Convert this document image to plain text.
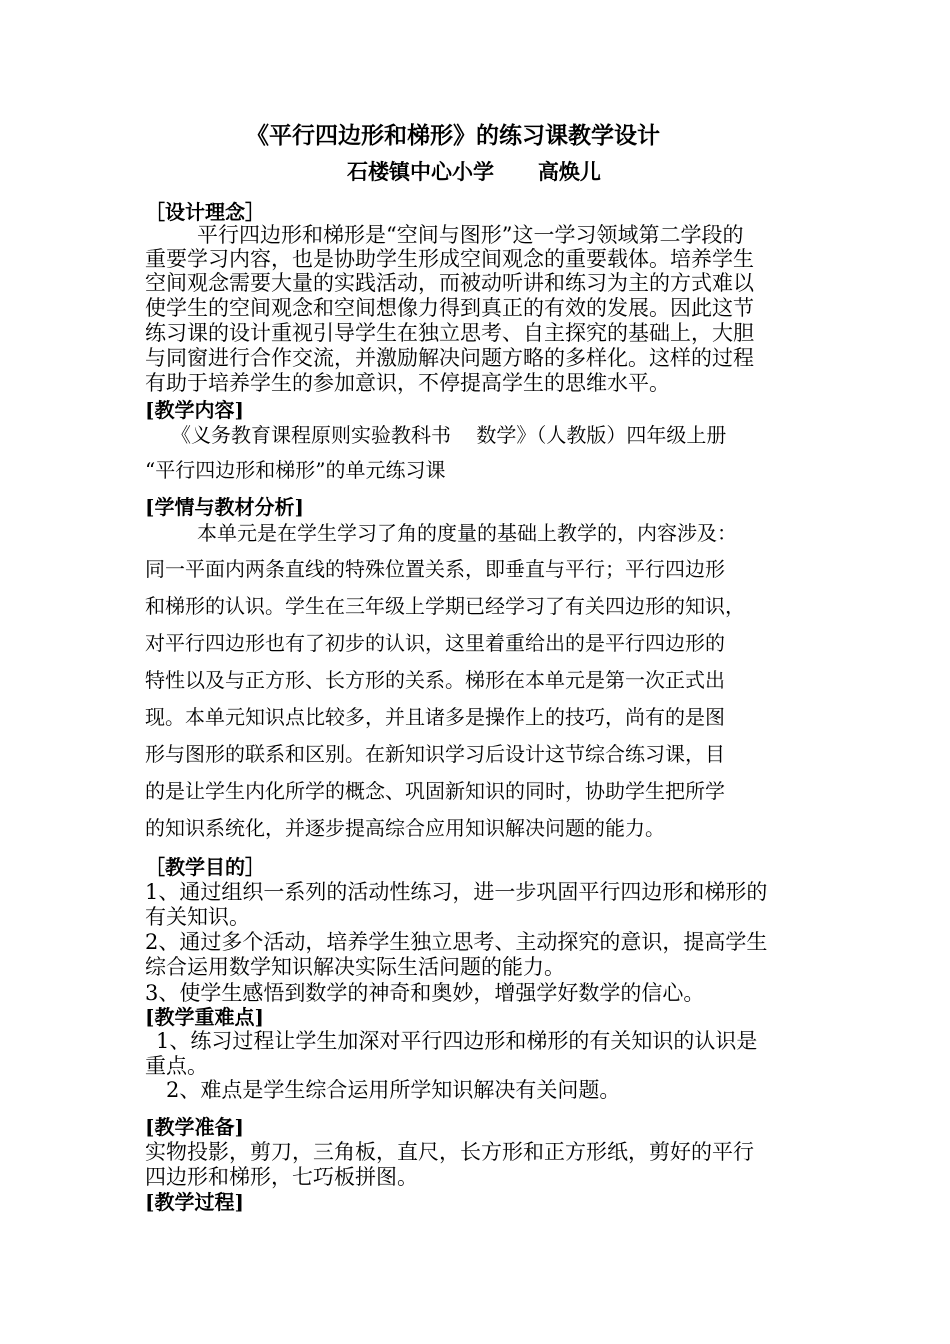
《平行四边形和梯形》的练习课教学设计
石楼镇中心小学      高焕儿
［设计理念］
平行四边形和梯形是“空间与图形”这一学习领域第二学段的
重要学习内容，也是协助学生形成空间观念的重要载体。培养学生
空间观念需要大量的实践活动，而被动听讲和练习为主的方式难以
使学生的空间观念和空间想像力得到真正的有效的发展。因此这节
练习课的设计重视引导学生在独立思考、自主探究的基础上，大胆
与同窗进行合作交流，并激励解决问题方略的多样化。这样的过程
有助于培养学生的参加意识，不停提高学生的思维水平。
[教学内容]
《义务教育课程原则实验教科书    数学》（人教版）四年级上册
“平行四边形和梯形”的单元练习课
[学情与教材分析]
本单元是在学生学习了角的度量的基础上教学的，内容涉及：
同一平面内两条直线的特殊位置关系，即垂直与平行；平行四边形
和梯形的认识。学生在三年级上学期已经学习了有关四边形的知识，
对平行四边形也有了初步的认识，这里着重给出的是平行四边形的
特性以及与正方形、长方形的关系。梯形在本单元是第一次正式出
现。本单元知识点比较多，并且诸多是操作上的技巧，尚有的是图
形与图形的联系和区别。在新知识学习后设计这节综合练习课，目
的是让学生内化所学的概念、巩固新知识的同时，协助学生把所学
的知识系统化，并逐步提高综合应用知识解决问题的能力。
［教学目的］
1、通过组织一系列的活动性练习，进一步巩固平行四边形和梯形的
有关知识。
2、通过多个活动，培养学生独立思考、主动探究的意识，提高学生
综合运用数学知识解决实际生活问题的能力。
3、使学生感悟到数学的神奇和奥妙，增强学好数学的信心。
[教学重难点]
1、练习过程让学生加深对平行四边形和梯形的有关知识的认识是
重点。
2、难点是学生综合运用所学知识解决有关问题。
[教学准备]
实物投影，剪刀，三角板，直尺，长方形和正方形纸，剪好的平行
四边形和梯形，七巧板拼图。
[教学过程]
